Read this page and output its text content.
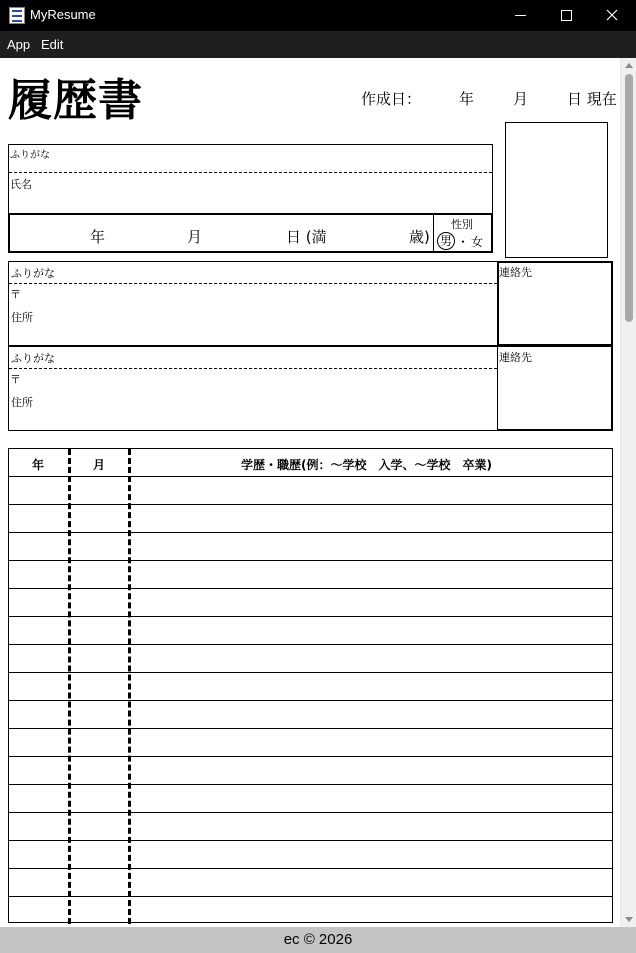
MyResume
App Edit
履歴書	作成日：	年	月	日 現在
ふりがな
氏名
年	月	日 (満	歳)
性別
男 ・ 女
ふりがな
〒
住所
連絡先
ふりがな
〒
住所
連絡先
年	月	学歴・職歴(例：～学校　入学、～学校　卒業)
ec © 2026
